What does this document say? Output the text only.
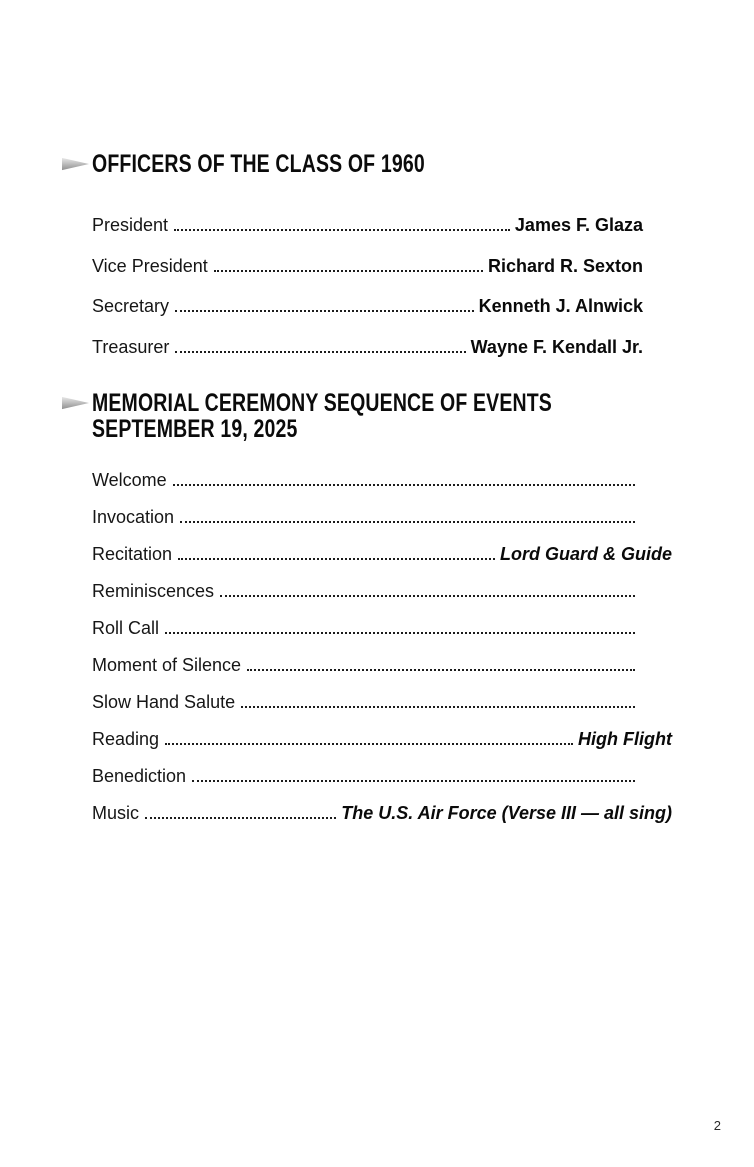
OFFICERS OF THE CLASS OF 1960
President	James F. Glaza
Vice President	Richard R. Sexton
Secretary	Kenneth J. Alnwick
Treasurer	Wayne F. Kendall Jr.
MEMORIAL CEREMONY SEQUENCE OF EVENTS
SEPTEMBER 19, 2025
Welcome
Invocation
Recitation	Lord Guard & Guide
Reminiscences
Roll Call
Moment of Silence
Slow Hand Salute
Reading	High Flight
Benediction
Music	The U.S. Air Force (Verse III — all sing)
2
